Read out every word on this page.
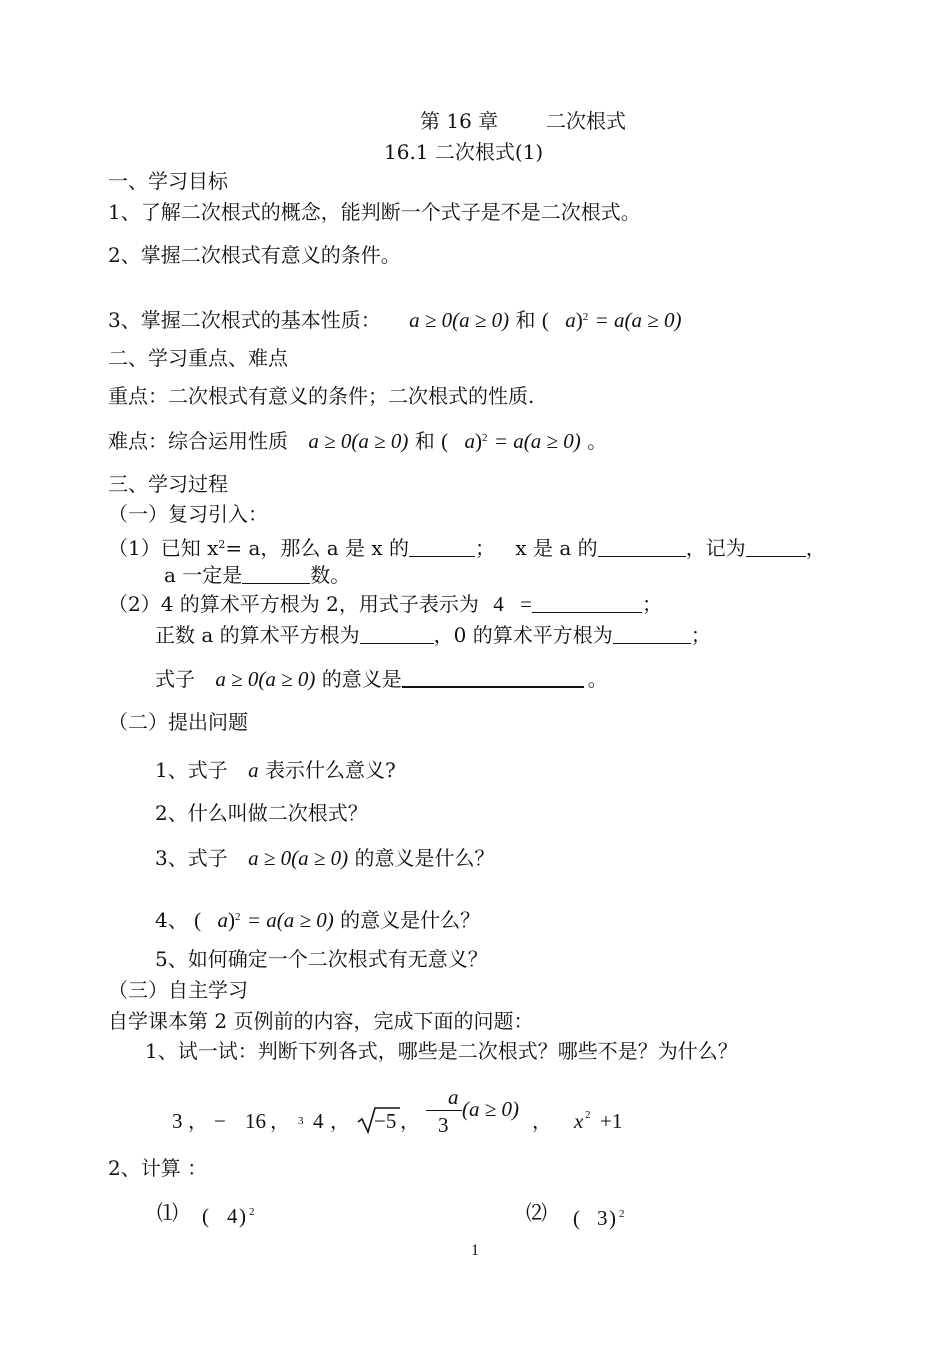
第 16 章 二次根式
16.1 二次根式(1)
一、学习目标
1、了解二次根式的概念，能判断一个式子是不是二次根式。
2、掌握二次根式有意义的条件。
3、掌握二次根式的基本性质： a ≥ 0(a ≥ 0) 和 ( a)$^2$ = a(a ≥ 0)
二、学习重点、难点
重点：二次根式有意义的条件；二次根式的性质.
难点：综合运用性质 a ≥ 0(a ≥ 0) 和 ( a)$^2$ = a(a ≥ 0) 。
三、学习过程
（一）复习引入：
（1）已知 $x^2= a$，那么 a 是 x 的	； x 是 a 的	，记为	，
a 一定是	数。
（2）4 的算术平方根为 2，用式子表示为 4 =	；
正数 a 的算术平方根为	，0 的算术平方根为	；
式子 a ≥ 0(a ≥ 0) 的意义是	。
（二）提出问题
1、式子 a 表示什么意义?
2、什么叫做二次根式？
3、式子 a ≥ 0(a ≥ 0) 的意义是什么？
4、 ( a)$^2$ = a(a ≥ 0) 的意义是什么？
5、如何确定一个二次根式有无意义？
（三）自主学习
自学课本第 2 页例前的内容，完成下面的问题：
1、试一试：判断下列各式，哪些是二次根式？哪些不是？为什么？
3 ， − 16 ， 3 4 ， −5 ，
a
3
(a ≥ 0) ， x 2 +1
2、计算 ：
⑴ ( 4 ) 2	⑵ ( 3 ) 2
1
